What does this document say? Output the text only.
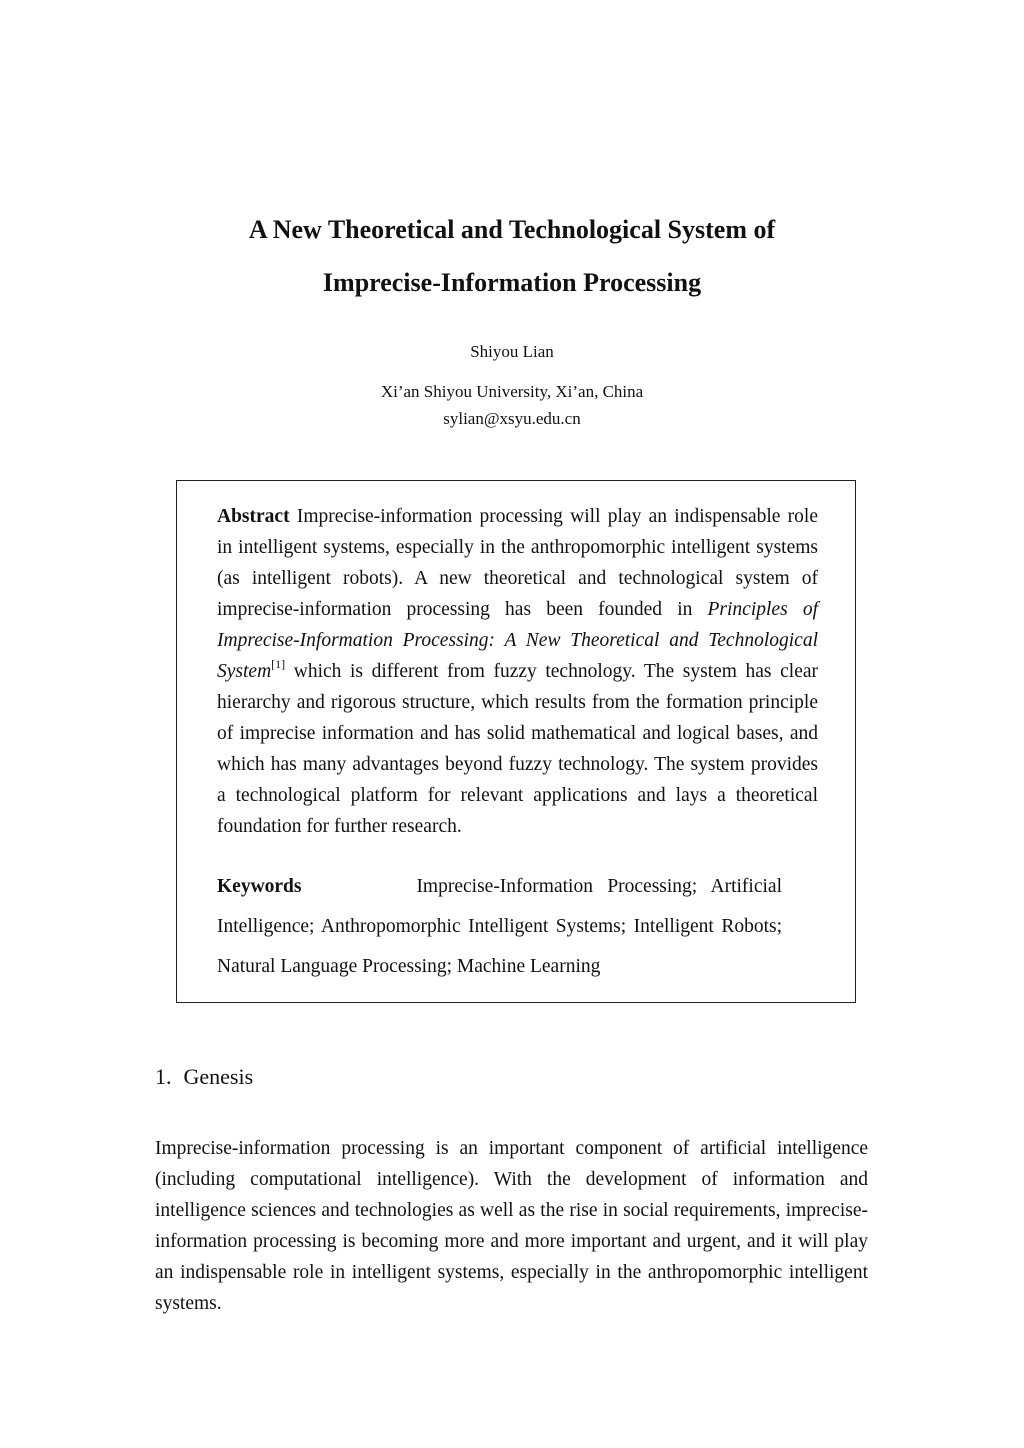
A New Theoretical and Technological System of
Imprecise-Information Processing
Shiyou Lian
Xi’an Shiyou University, Xi’an, China
sylian@xsyu.edu.cn
Abstract Imprecise-information processing will play an indispensable role in intelligent systems, especially in the anthropomorphic intelligent systems (as intelligent robots). A new theoretical and technological system of imprecise-information processing has been founded in Principles of Imprecise-Information Processing: A New Theoretical and Technological System[1] which is different from fuzzy technology. The system has clear hierarchy and rigorous structure, which results from the formation principle of imprecise information and has solid mathematical and logical bases, and which has many advantages beyond fuzzy technology. The system provides a technological platform for relevant applications and lays a theoretical foundation for further research.
Keywords	Imprecise-Information Processing; Artificial Intelligence; Anthropomorphic Intelligent Systems; Intelligent Robots; Natural Language Processing; Machine Learning
1. Genesis
Imprecise-information processing is an important component of artificial intelligence (including computational intelligence). With the development of information and intelligence sciences and technologies as well as the rise in social requirements, imprecise-information processing is becoming more and more important and urgent, and it will play an indispensable role in intelligent systems, especially in the anthropomorphic intelligent systems.
